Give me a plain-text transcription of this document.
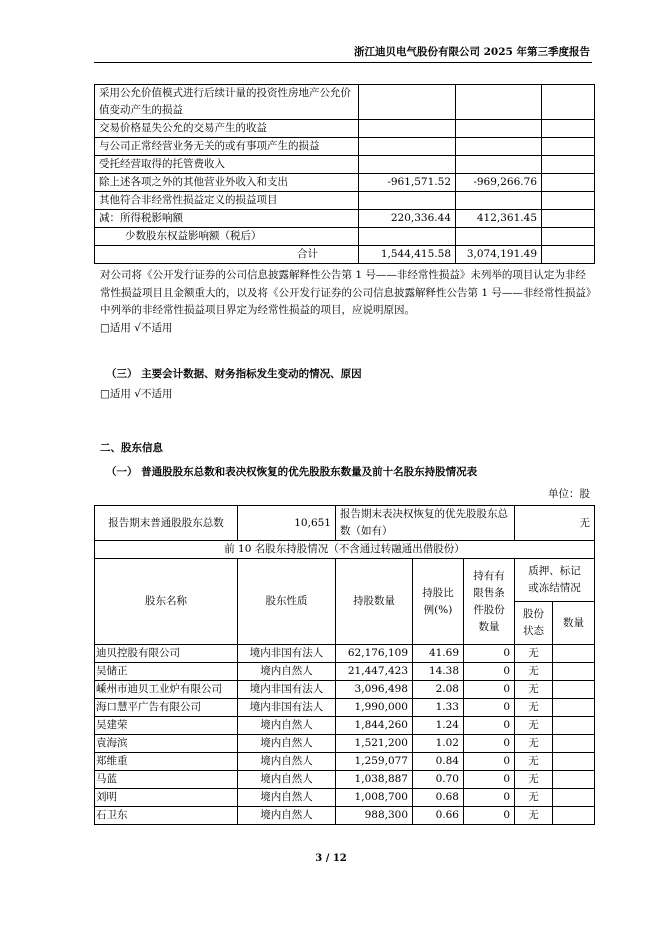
浙江迪贝电气股份有限公司 2025 年第三季度报告
采用公允价值模式进行后续计量的投资性房地产公允价值变动产生的损益			
交易价格显失公允的交易产生的收益			
与公司正常经营业务无关的或有事项产生的损益			
受托经营取得的托管费收入			
除上述各项之外的其他营业外收入和支出	-961,571.52	-969,266.76	
其他符合非经常性损益定义的损益项目			
减：所得税影响额	220,336.44	412,361.45	
少数股东权益影响额（税后）			
合计	1,544,415.58	3,074,191.49	
对公司将《公开发行证券的公司信息披露解释性公告第 1 号——非经常性损益》未列举的项目认定为非经常性损益项目且金额重大的，以及将《公开发行证券的公司信息披露解释性公告第 1 号——非经常性损益》中列举的非经常性损益项目界定为经常性损益的项目，应说明原因。
□适用 √不适用
（三） 主要会计数据、财务指标发生变动的情况、原因
□适用 √不适用
二、股东信息
（一） 普通股股东总数和表决权恢复的优先股股东数量及前十名股东持股情况表
单位：股
报告期末普通股股东总数	10,651	报告期末表决权恢复的优先股股东总数（如有）			无	
前 10 名股东持股情况（不含通过转融通出借股份）						
股东名称	股东性质	持股数量	持股比例(%)	持有有限售条件股份数量	质押、标记或冻结情况	
					股份状态	数量
迪贝控股有限公司	境内非国有法人	62,176,109	41.69	0	无	
吴储正	境内自然人	21,447,423	14.38	0	无	
嵊州市迪贝工业炉有限公司	境内非国有法人	3,096,498	2.08	0	无	
海口慧平广告有限公司	境内非国有法人	1,990,000	1.33	0	无	
吴建荣	境内自然人	1,844,260	1.24	0	无	
袁海滨	境内自然人	1,521,200	1.02	0	无	
郑维重	境内自然人	1,259,077	0.84	0	无	
马蓝	境内自然人	1,038,887	0.70	0	无	
刘明	境内自然人	1,008,700	0.68	0	无	
石卫东	境内自然人	988,300	0.66	0	无	
3 / 12
